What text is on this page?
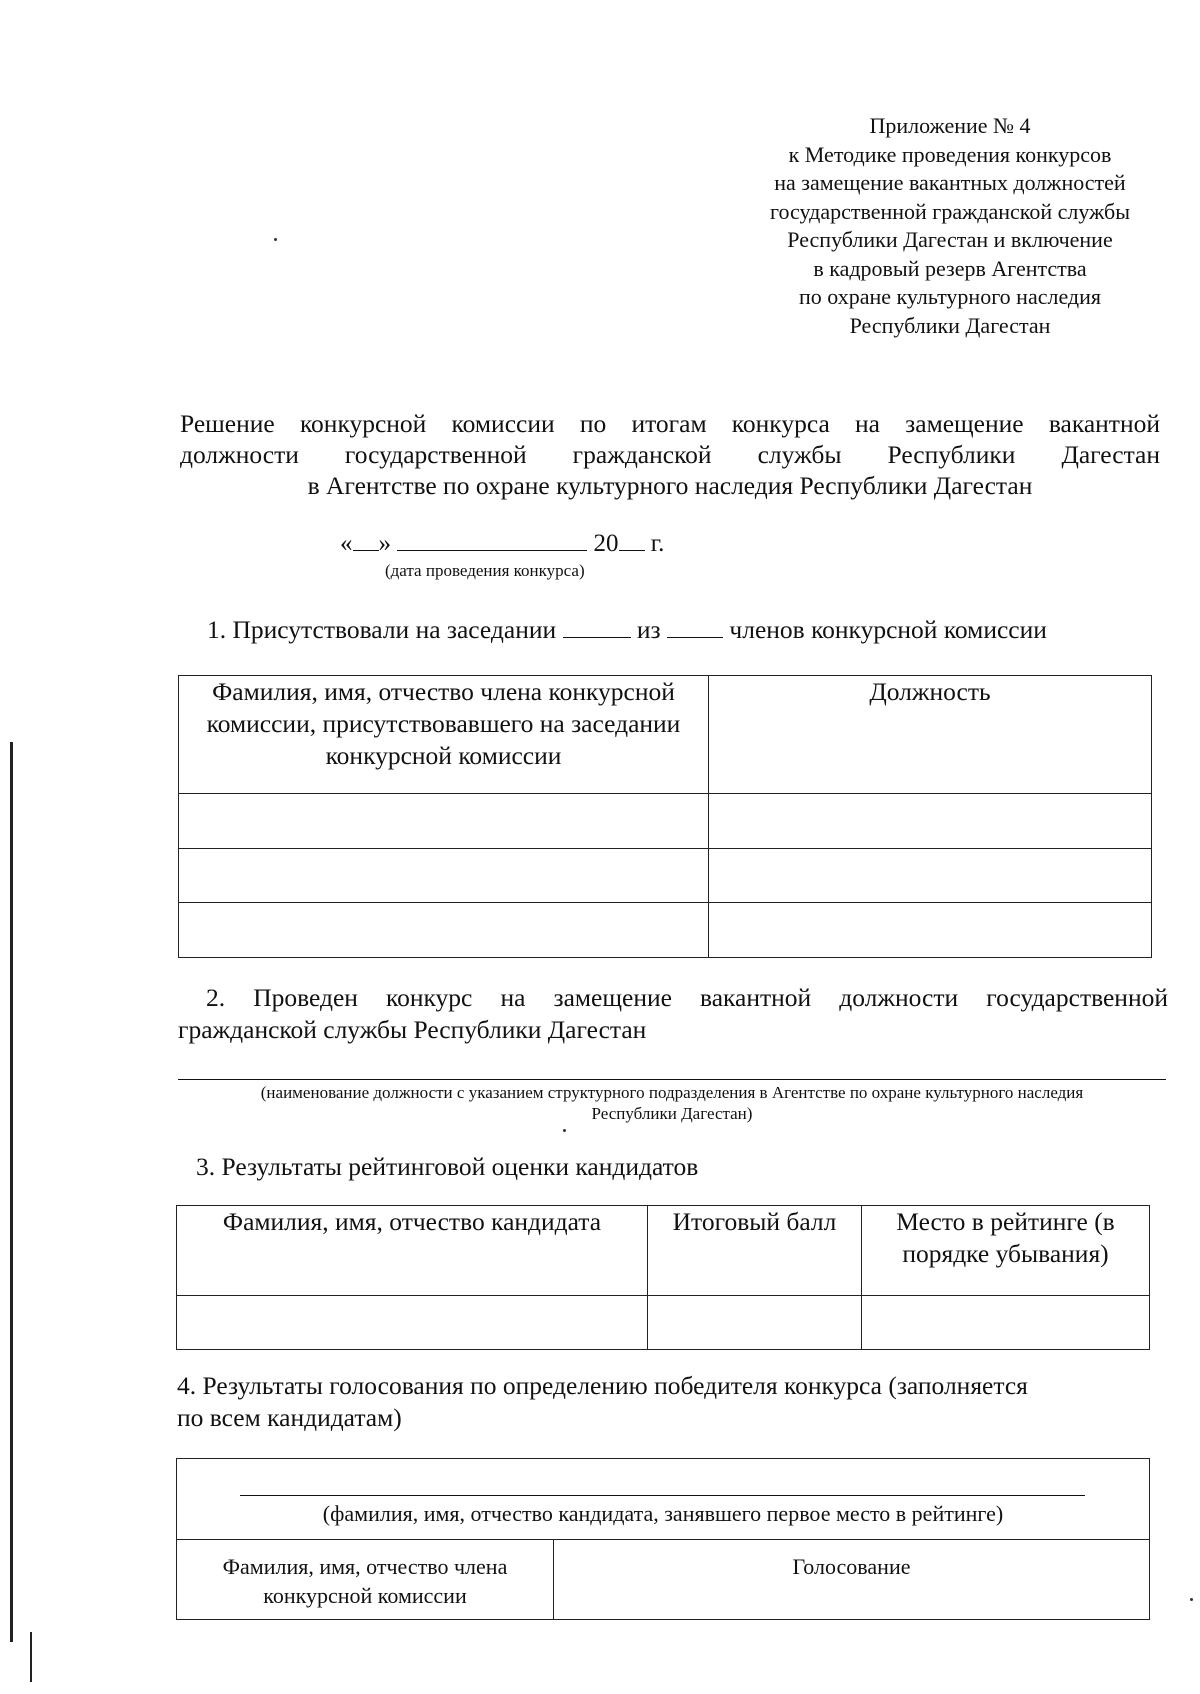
Приложение № 4
к Методике проведения конкурсов
на замещение вакантных должностей
государственной гражданской службы
Республики Дагестан и включение
в кадровый резерв Агентства
по охране культурного наследия
Республики Дагестан
Решение конкурсной комиссии по итогам конкурса на замещение вакантной
должности государственной гражданской службы Республики Дагестан
в Агентстве по охране культурного наследия Республики Дагестан
« »	20 г.
(дата проведения конкурса)
1. Присутствовали на заседании	из	членов конкурсной комиссии
Фамилия, имя, отчество члена конкурсной комиссии, присутствовавшего на заседании конкурсной комиссии	Должность

2. Проведен конкурс на замещение вакантной должности государственной
гражданской службы Республики Дагестан
(наименование должности с указанием структурного подразделения в Агентстве по охране культурного наследия
Республики Дагестан)
3. Результаты рейтинговой оценки кандидатов
Фамилия, имя, отчество кандидата	Итоговый балл	Место в рейтинге (в порядке убывания)

4. Результаты голосования по определению победителя конкурса (заполняется
по всем кандидатам)
(фамилия, имя, отчество кандидата, занявшего первое место в рейтинге)

Фамилия, имя, отчество члена конкурсной комиссии	Голосование
